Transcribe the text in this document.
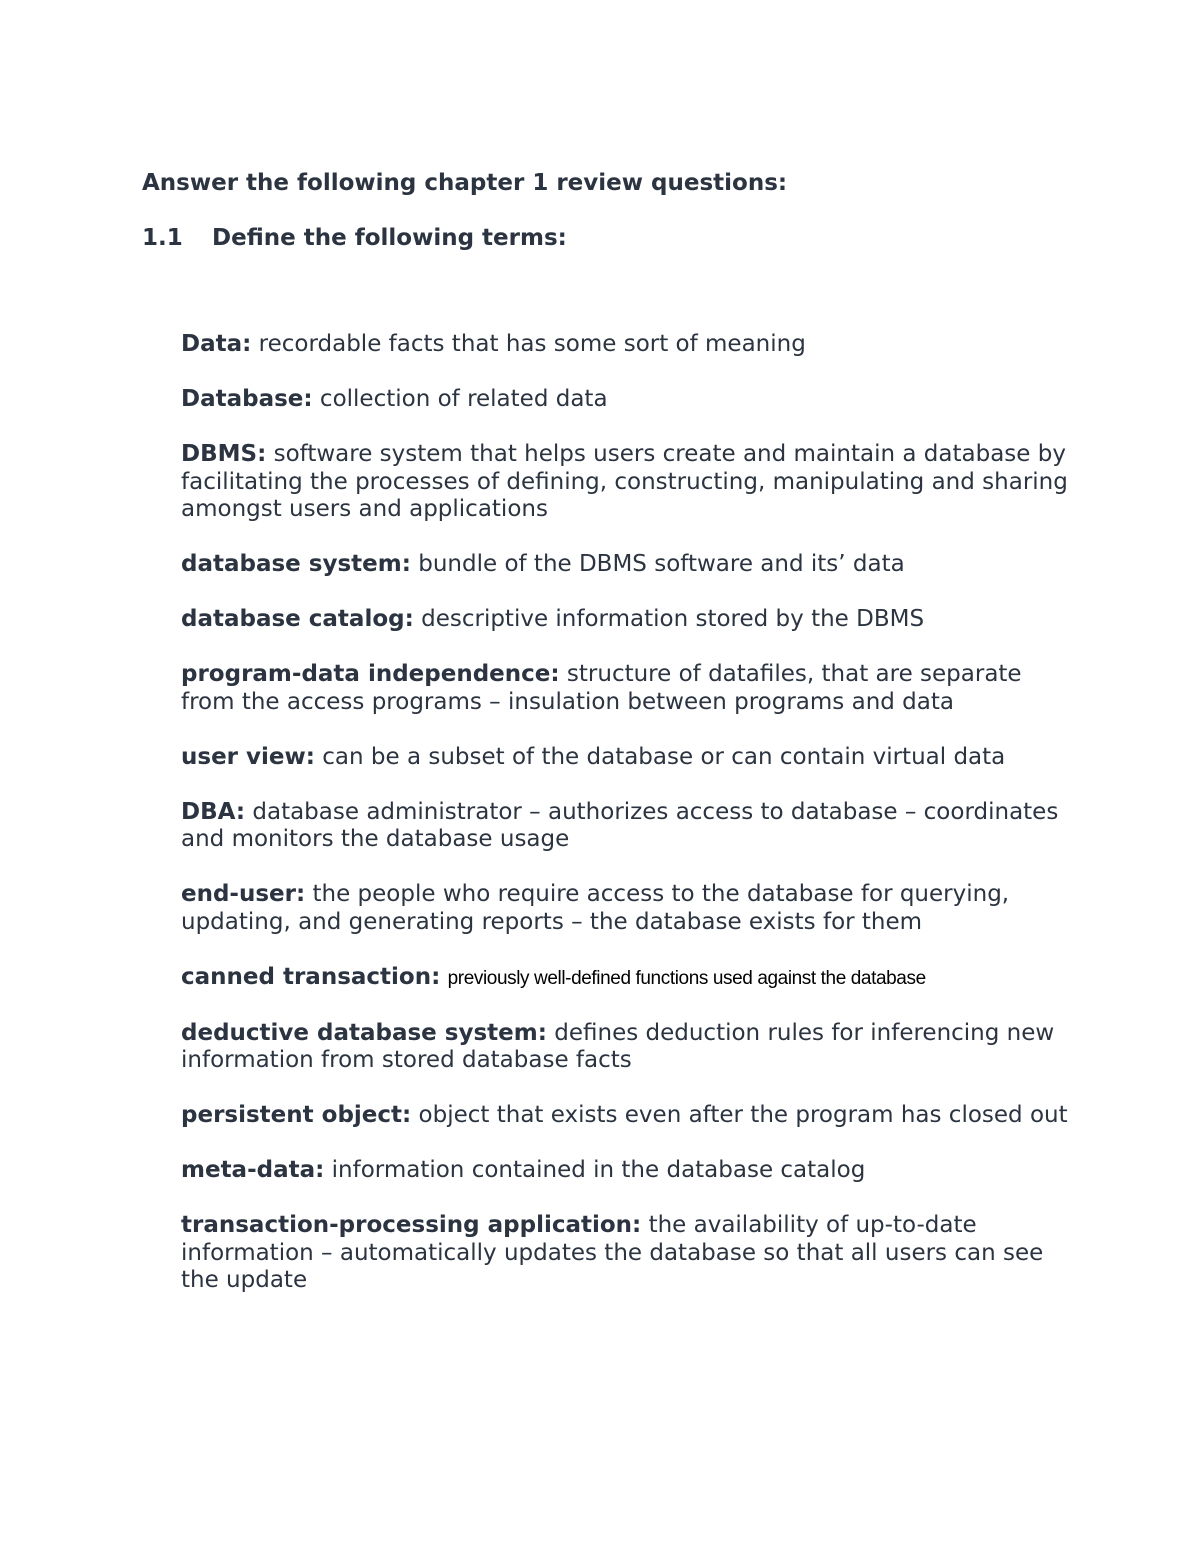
Answer the following chapter 1 review questions:

1.1 Define the following terms:

Data: recordable facts that has some sort of meaning
Database: collection of related data
DBMS: software system that helps users create and maintain a database by facilitating the processes of defining, constructing, manipulating and sharing amongst users and applications
database system: bundle of the DBMS software and its’ data
database catalog: descriptive information stored by the DBMS
program-data independence: structure of datafiles, that are separate from the access programs – insulation between programs and data
user view: can be a subset of the database or can contain virtual data
DBA: database administrator – authorizes access to database – coordinates and monitors the database usage
end-user: the people who require access to the database for querying, updating, and generating reports – the database exists for them
canned transaction: previously well-defined functions used against the database
deductive database system: defines deduction rules for inferencing new information from stored database facts
persistent object: object that exists even after the program has closed out
meta-data: information contained in the database catalog
transaction-processing application: the availability of up-to-date information – automatically updates the database so that all users can see the update
